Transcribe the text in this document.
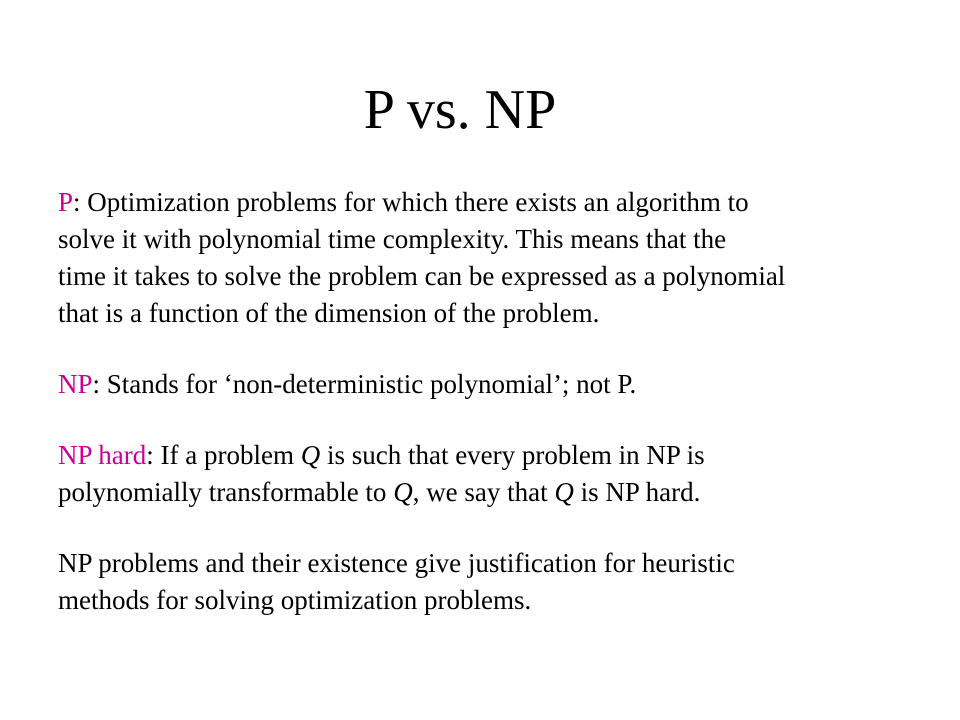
P vs. NP

P: Optimization problems for which there exists an algorithm to
solve it with polynomial time complexity. This means that the
time it takes to solve the problem can be expressed as a polynomial
that is a function of the dimension of the problem.

NP: Stands for ‘non-deterministic polynomial’; not P.

NP hard: If a problem Q is such that every problem in NP is
polynomially transformable to Q, we say that Q is NP hard.

NP problems and their existence give justification for heuristic
methods for solving optimization problems.
